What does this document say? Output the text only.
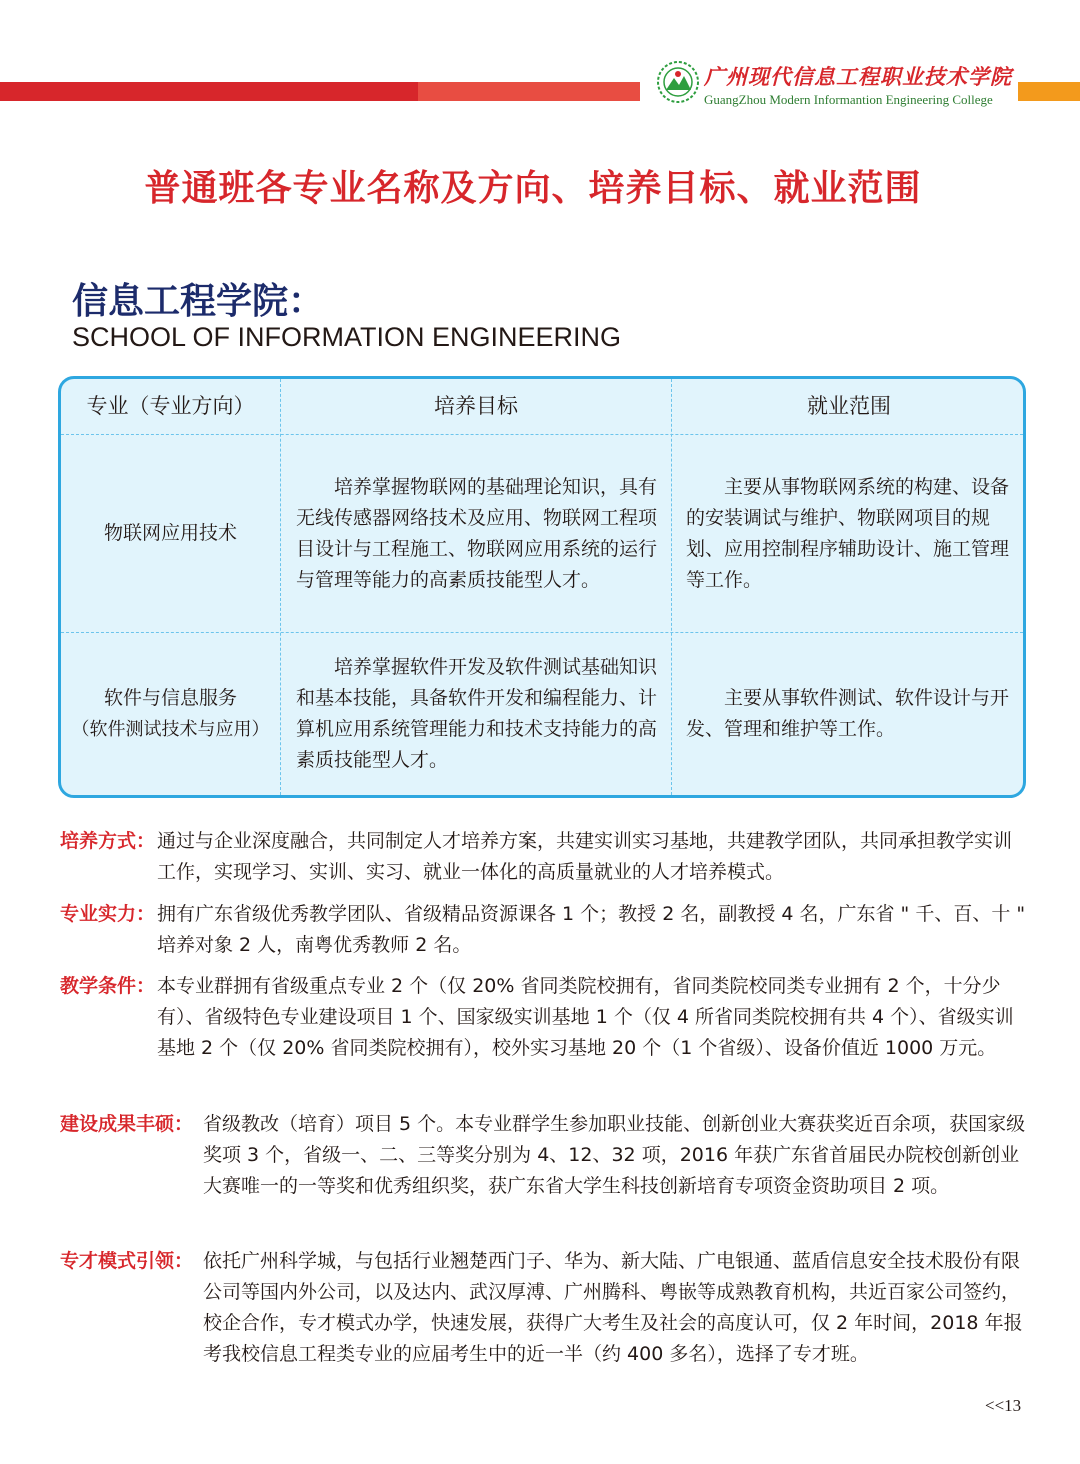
广州现代信息工程职业技术学院
GuangZhou Modern Informantion Engineering College
普通班各专业名称及方向、培养目标、就业范围
信息工程学院：
SCHOOL OF INFORMATION ENGINEERING
专业（专业方向）	培养目标	就业范围
物联网应用技术
培养掌握物联网的基础理论知识，具有无线传感器网络技术及应用、物联网工程项目设计与工程施工、物联网应用系统的运行与管理等能力的高素质技能型人才。
主要从事物联网系统的构建、设备的安装调试与维护、物联网项目的规划、应用控制程序辅助设计、施工管理等工作。
软件与信息服务
（软件测试技术与应用）
培养掌握软件开发及软件测试基础知识和基本技能，具备软件开发和编程能力、计算机应用系统管理能力和技术支持能力的高素质技能型人才。
主要从事软件测试、软件设计与开发、管理和维护等工作。
培养方式： 通过与企业深度融合，共同制定人才培养方案，共建实训实习基地，共建教学团队，共同承担教学实训工作，实现学习、实训、实习、就业一体化的高质量就业的人才培养模式。
专业实力： 拥有广东省级优秀教学团队、省级精品资源课各 1 个；教授 2 名，副教授 4 名，广东省 " 千、百、十 " 培养对象 2 人，南粤优秀教师 2 名。
教学条件： 本专业群拥有省级重点专业 2 个（仅 20% 省同类院校拥有，省同类院校同类专业拥有 2 个，十分少有）、省级特色专业建设项目 1 个、国家级实训基地 1 个（仅 4 所省同类院校拥有共 4 个）、省级实训基地 2 个（仅 20% 省同类院校拥有），校外实习基地 20 个（1 个省级）、设备价值近 1000 万元。
建设成果丰硕： 省级教改（培育）项目 5 个。本专业群学生参加职业技能、创新创业大赛获奖近百余项，获国家级奖项 3 个，省级一、二、三等奖分别为 4、12、32 项，2016 年获广东省首届民办院校创新创业大赛唯一的一等奖和优秀组织奖，获广东省大学生科技创新培育专项资金资助项目 2 项。
专才模式引领： 依托广州科学城，与包括行业翘楚西门子、华为、新大陆、广电银通、蓝盾信息安全技术股份有限公司等国内外公司，以及达内、武汉厚溥、广州腾科、粤嵌等成熟教育机构，共近百家公司签约，校企合作，专才模式办学，快速发展，获得广大考生及社会的高度认可，仅 2 年时间，2018 年报考我校信息工程类专业的应届考生中的近一半（约 400 多名），选择了专才班。
<<13
